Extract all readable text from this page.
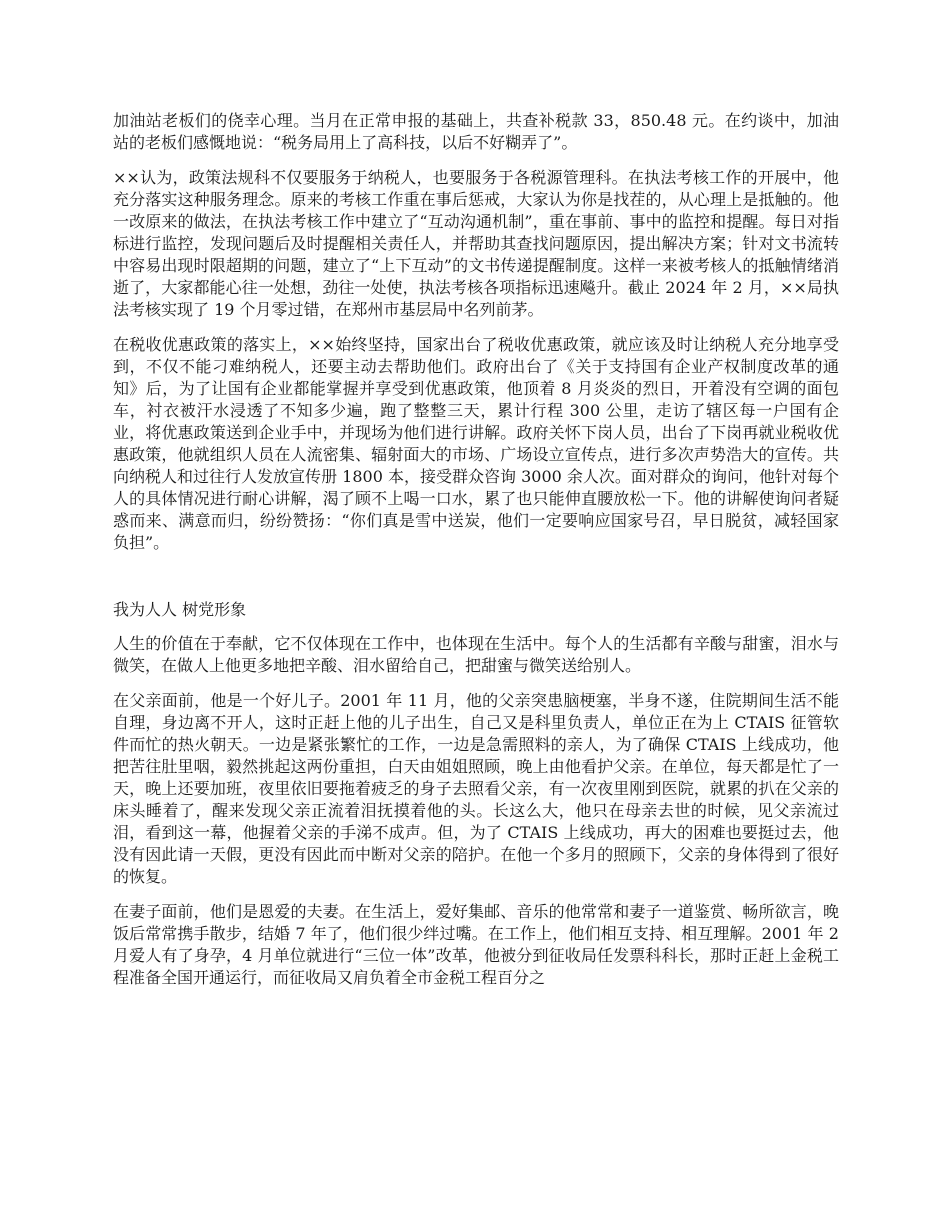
加油站老板们的侥幸心理。当月在正常申报的基础上，共查补税款 33，850.48 元。在约谈中，加油站的老板们感慨地说：“税务局用上了高科技，以后不好糊弄了”。

××认为，政策法规科不仅要服务于纳税人，也要服务于各税源管理科。在执法考核工作的开展中，他充分落实这种服务理念。原来的考核工作重在事后惩戒，大家认为你是找茬的，从心理上是抵触的。他一改原来的做法，在执法考核工作中建立了“互动沟通机制”，重在事前、事中的监控和提醒。每日对指标进行监控，发现问题后及时提醒相关责任人，并帮助其查找问题原因，提出解决方案；针对文书流转中容易出现时限超期的问题，建立了“上下互动”的文书传递提醒制度。这样一来被考核人的抵触情绪消逝了，大家都能心往一处想，劲往一处使，执法考核各项指标迅速飚升。截止 2024 年 2 月，××局执法考核实现了 19 个月零过错，在郑州市基层局中名列前茅。

在税收优惠政策的落实上，××始终坚持，国家出台了税收优惠政策，就应该及时让纳税人充分地享受到，不仅不能刁难纳税人，还要主动去帮助他们。政府出台了《关于支持国有企业产权制度改革的通知》后，为了让国有企业都能掌握并享受到优惠政策，他顶着 8 月炎炎的烈日，开着没有空调的面包车，衬衣被汗水浸透了不知多少遍，跑了整整三天，累计行程 300 公里，走访了辖区每一户国有企业，将优惠政策送到企业手中，并现场为他们进行讲解。政府关怀下岗人员，出台了下岗再就业税收优惠政策，他就组织人员在人流密集、辐射面大的市场、广场设立宣传点，进行多次声势浩大的宣传。共向纳税人和过往行人发放宣传册 1800 本，接受群众咨询 3000 余人次。面对群众的询问，他针对每个人的具体情况进行耐心讲解，渴了顾不上喝一口水，累了也只能伸直腰放松一下。他的讲解使询问者疑惑而来、满意而归，纷纷赞扬：“你们真是雪中送炭，他们一定要响应国家号召，早日脱贫，减轻国家负担”。

我为人人 树党形象

人生的价值在于奉献，它不仅体现在工作中，也体现在生活中。每个人的生活都有辛酸与甜蜜，泪水与微笑，在做人上他更多地把辛酸、泪水留给自己，把甜蜜与微笑送给别人。

在父亲面前，他是一个好儿子。2001 年 11 月，他的父亲突患脑梗塞，半身不遂，住院期间生活不能自理，身边离不开人，这时正赶上他的儿子出生，自己又是科里负责人，单位正在为上 CTAIS 征管软件而忙的热火朝天。一边是紧张繁忙的工作，一边是急需照料的亲人，为了确保 CTAIS 上线成功，他把苦往肚里咽，毅然挑起这两份重担，白天由姐姐照顾，晚上由他看护父亲。在单位，每天都是忙了一天，晚上还要加班，夜里依旧要拖着疲乏的身子去照看父亲，有一次夜里刚到医院，就累的扒在父亲的床头睡着了，醒来发现父亲正流着泪抚摸着他的头。长这么大，他只在母亲去世的时候，见父亲流过泪，看到这一幕，他握着父亲的手涕不成声。但，为了 CTAIS 上线成功，再大的困难也要挺过去，他没有因此请一天假，更没有因此而中断对父亲的陪护。在他一个多月的照顾下，父亲的身体得到了很好的恢复。

在妻子面前，他们是恩爱的夫妻。在生活上，爱好集邮、音乐的他常常和妻子一道鉴赏、畅所欲言，晚饭后常常携手散步，结婚 7 年了，他们很少绊过嘴。在工作上，他们相互支持、相互理解。2001 年 2 月爱人有了身孕，4 月单位就进行“三位一体”改革，他被分到征收局任发票科科长，那时正赶上金税工程准备全国开通运行，而征收局又肩负着全市金税工程百分之
